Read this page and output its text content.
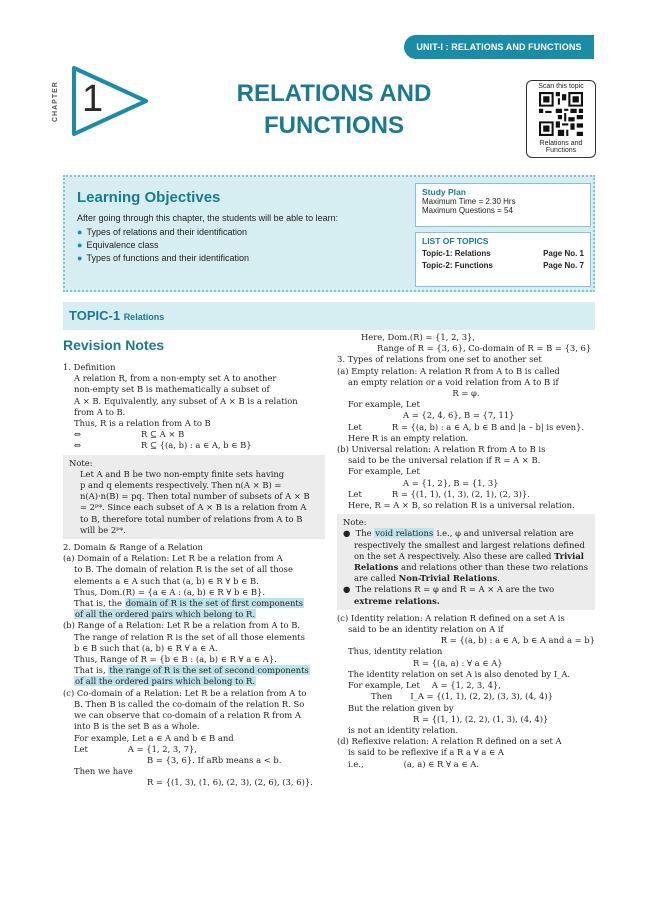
UNIT-I : RELATIONS AND FUNCTIONS
CHAPTER 1	RELATIONS AND
FUNCTIONS
Scan this topic
Relations and
Functions
Learning Objectives
After going through this chapter, the students will be able to learn:
● Types of relations and their identification
● Equivalence class
● Types of functions and their identification
Study Plan
Maximum Time = 2.30 Hrs
Maximum Questions = 54
LIST OF TOPICS
Topic-1: Relations	Page No. 1
Topic-2: Functions	Page No. 7
TOPIC-1 Relations
Revision Notes

1. Definition

A relation R, from a non-empty set A to another

non-empty set B is mathematically a subset of

A × B. Equivalently, any subset of A × B is a relation

from A to B.

Thus, R is a relation from A to B

⇔	R ⊆ A × B

⇔	R ⊆ {(a, b) : a ∈ A, b ∈ B}

Note:

Let A and B be two non-empty finite sets having

p and q elements respectively. Then n(A × B) =

n(A)·n(B) = pq. Then total number of subsets of A × B

= 2ᵖᵠ. Since each subset of A × B is a relation from A

to B, therefore total number of relations from A to B

will be 2ᵖᵠ.

2. Domain & Range of a Relation

(a) Domain of a Relation: Let R be a relation from A

to B. The domain of relation R is the set of all those

elements a ∈ A such that (a, b) ∈ R ∀ b ∈ B.

Thus, Dom.(R) = {a ∈ A : (a, b) ∈ R ∀ b ∈ B}.

That is, the domain of R is the set of first components

of all the ordered pairs which belong to R.

(b) Range of a Relation: Let R be a relation from A to B.

The range of relation R is the set of all those elements

b ∈ B such that (a, b) ∈ R ∀ a ∈ A.

Thus, Range of R = {b ∈ B : (a, b) ∈ R ∀ a ∈ A}.

That is, the range of R is the set of second components

of all the ordered pairs which belong to R.

(c) Co-domain of a Relation: Let R be a relation from A to

B. Then B is called the co-domain of the relation R. So

we can observe that co-domain of a relation R from A

into B is the set B as a whole.

For example, Let a ∈ A and b ∈ B and

Let	A = {1, 2, 3, 7},

B = {3, 6}. If aRb means a < b.

Then we have

R = {(1, 3), (1, 6), (2, 3), (2, 6), (3, 6)}.

Here, Dom.(R) = {1, 2, 3},

Range of R = {3, 6}, Co-domain of R = B = {3, 6}

3. Types of relations from one set to another set

(a) Empty relation: A relation R from A to B is called

an empty relation or a void relation from A to B if

R = φ.

For example, Let

A = {2, 4, 6}, B = {7, 11}

Let	R = {(a, b) : a ∈ A, b ∈ B and |a – b| is even}.

Here R is an empty relation.

(b) Universal relation: A relation R from A to B is

said to be the universal relation if R = A × B.

For example, Let

A = {1, 2}, B = {1, 3}

Let	R = {(1, 1), (1, 3), (2, 1), (2, 3)}.

Here, R = A × B, so relation R is a universal relation.

Note:

●  The void relations i.e., φ and universal relation are

respectively the smallest and largest relations defined

on the set A respectively. Also these are called Trivial

Relations and relations other than these two relations

are called Non-Trivial Relations.

●  The relations R = φ and R = A × A are the two

extreme relations.

(c) Identity relation: A relation R defined on a set A is

said to be an identity relation on A if

R = {(a, b) : a ∈ A, b ∈ A and a = b}

Thus, identity relation

R = {(a, a) : ∀ a ∈ A}

The identity relation on set A is also denoted by I_A.

For example, Let A = {1, 2, 3, 4},

Then I_A = {(1, 1), (2, 2), (3, 3), (4, 4)}

But the relation given by

R = {(1, 1), (2, 2), (1, 3), (4, 4)}

is not an identity relation.

(d) Reflexive relation: A relation R defined on a set A

is said to be reflexive if a R a ∀ a ∈ A

i.e.,	(a, a) ∈ R ∀ a ∈ A.
